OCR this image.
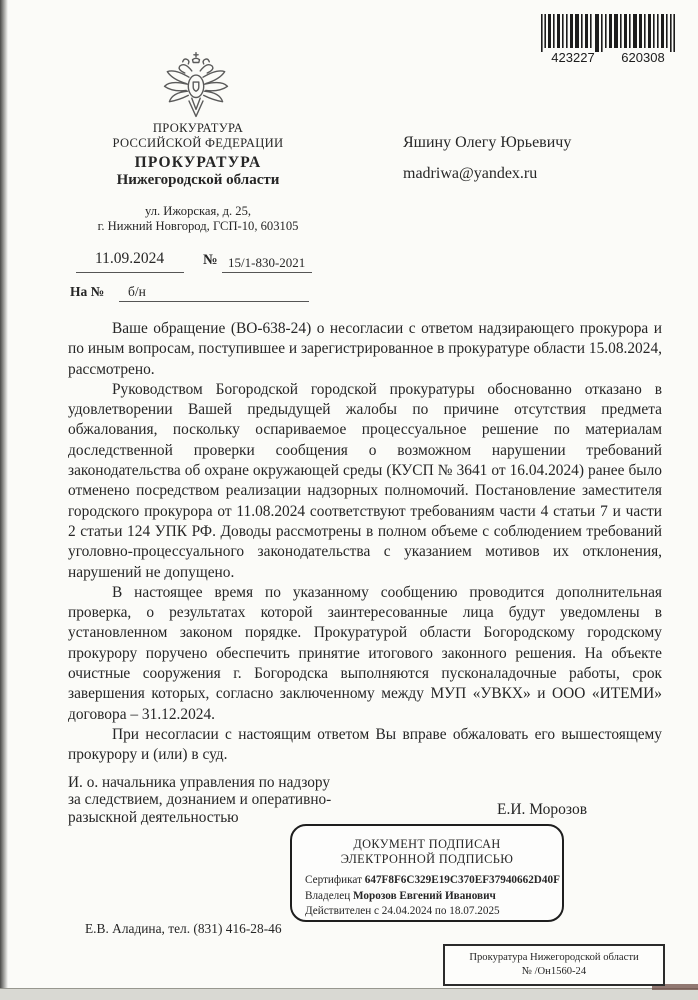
423227 620308
ПРОКУРАТУРА
РОССИЙСКОЙ ФЕДЕРАЦИИ
ПРОКУРАТУРА
Нижегородской области
ул. Ижорская, д. 25,
г. Нижний Новгород, ГСП-10, 603105
Яшину Олегу Юрьевичу
madriwa@yandex.ru
11.09.2024	№ 15/1-830-2021
На № б/н

Ваше обращение (ВО-638-24) о несогласии с ответом надзирающего прокурора и по иным вопросам, поступившее и зарегистрированное в прокуратуре области 15.08.2024, рассмотрено.

Руководством Богородской городской прокуратуры обоснованно отказано в удовлетворении Вашей предыдущей жалобы по причине отсутствия предмета обжалования, поскольку оспариваемое процессуальное решение по материалам доследственной проверки сообщения о возможном нарушении требований законодательства об охране окружающей среды (КУСП № 3641 от 16.04.2024) ранее было отменено посредством реализации надзорных полномочий. Постановление заместителя городского прокурора от 11.08.2024 соответствуют требованиям части 4 статьи 7 и части 2 статьи 124 УПК РФ. Доводы рассмотрены в полном объеме с соблюдением требований уголовно-процессуального законодательства с указанием мотивов их отклонения, нарушений не допущено.

В настоящее время по указанному сообщению проводится дополнительная проверка, о результатах которой заинтересованные лица будут уведомлены в установленном законом порядке. Прокуратурой области Богородскому городскому прокурору поручено обеспечить принятие итогового законного решения. На объекте очистные сооружения г. Богородска выполняются пусконаладочные работы, срок завершения которых, согласно заключенному между МУП «УВКХ» и ООО «ИТЕМИ» договора – 31.12.2024.

При несогласии с настоящим ответом Вы вправе обжаловать его вышестоящему прокурору и (или) в суд.

И. о. начальника управления по надзору
за следствием, дознанием и оперативно-
разыскной деятельностью	Е.И. Морозов
ДОКУМЕНТ ПОДПИСАН
ЭЛЕКТРОННОЙ ПОДПИСЬЮ
Сертификат 647F8F6C329E19C370EF37940662D40F
Владелец Морозов Евгений Иванович
Действителен с 24.04.2024 по 18.07.2025
Е.В. Аладина, тел. (831) 416-28-46
Прокуратура Нижегородской области
№ /Он1560-24
